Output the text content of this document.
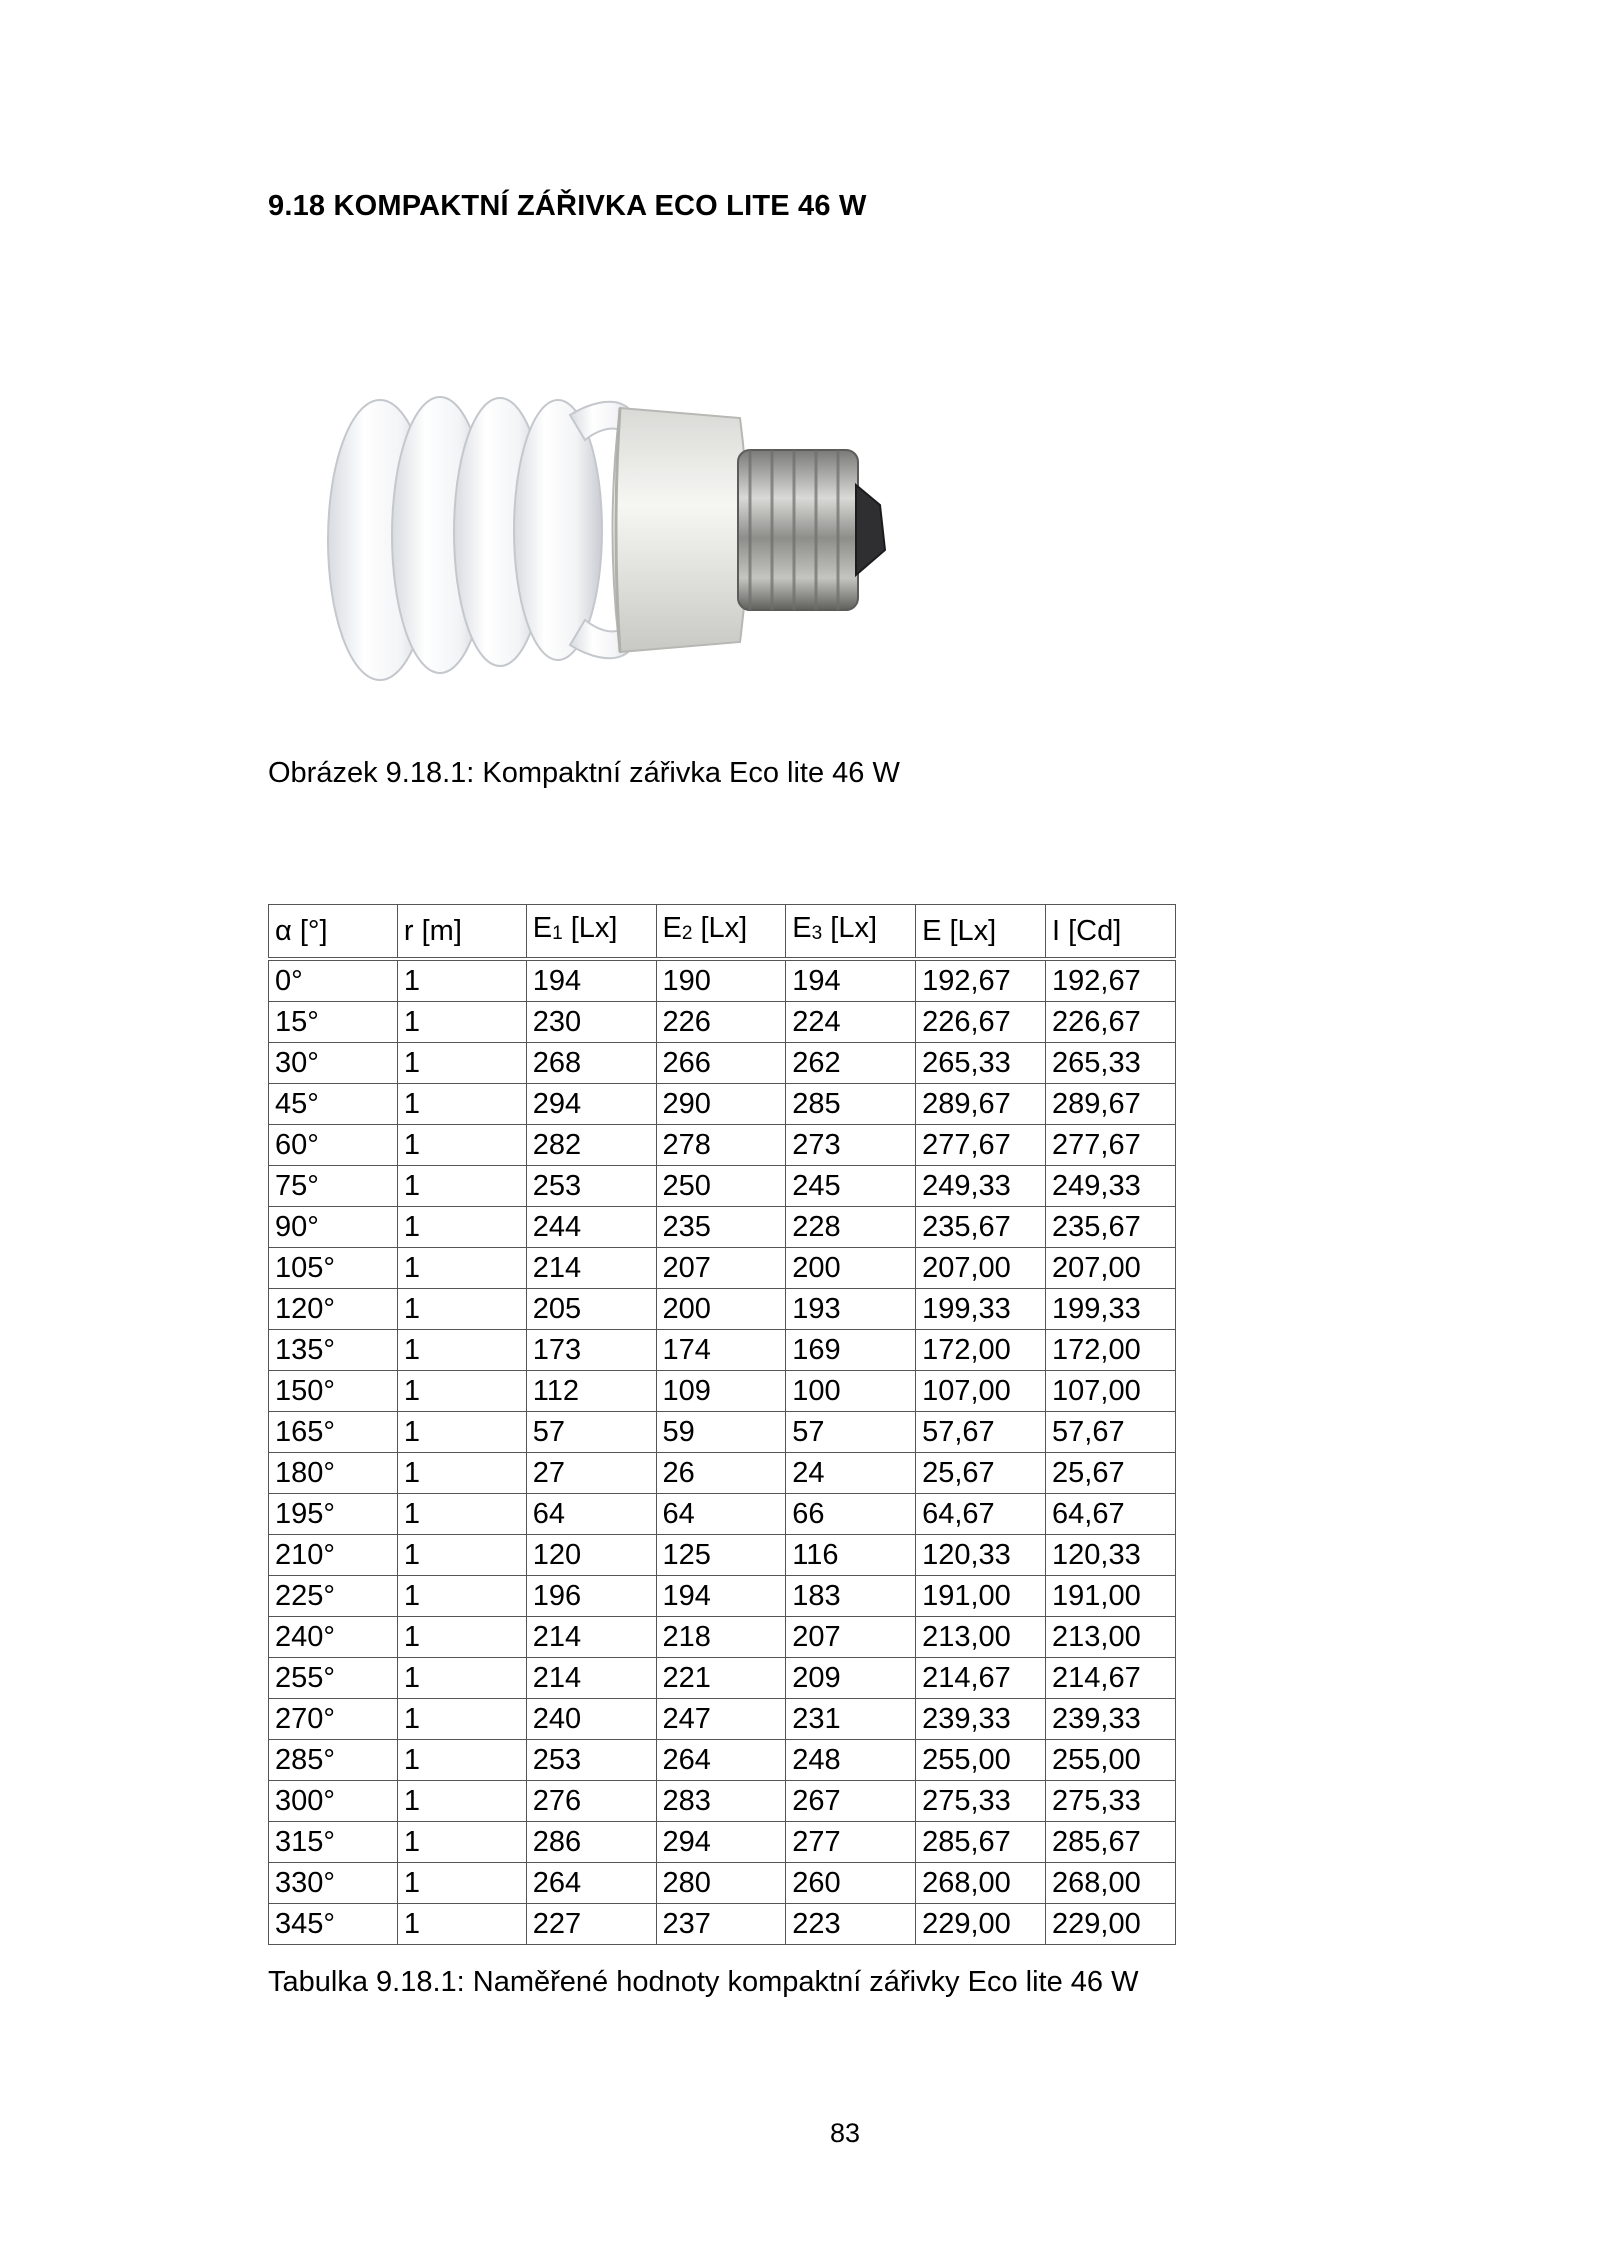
9.18 KOMPAKTNÍ ZÁŘIVKA ECO LITE 46 W
Obrázek 9.18.1: Kompaktní zářivka Eco lite 46 W
α [°]	r [m]	$E_1$ [Lx]	$E_2$ [Lx]	$E_3$ [Lx]	E [Lx]	I [Cd]
0°	1	194	190	194	192,67	192,67
15°	1	230	226	224	226,67	226,67
30°	1	268	266	262	265,33	265,33
45°	1	294	290	285	289,67	289,67
60°	1	282	278	273	277,67	277,67
75°	1	253	250	245	249,33	249,33
90°	1	244	235	228	235,67	235,67
105°	1	214	207	200	207,00	207,00
120°	1	205	200	193	199,33	199,33
135°	1	173	174	169	172,00	172,00
150°	1	112	109	100	107,00	107,00
165°	1	57	59	57	57,67	57,67
180°	1	27	26	24	25,67	25,67
195°	1	64	64	66	64,67	64,67
210°	1	120	125	116	120,33	120,33
225°	1	196	194	183	191,00	191,00
240°	1	214	218	207	213,00	213,00
255°	1	214	221	209	214,67	214,67
270°	1	240	247	231	239,33	239,33
285°	1	253	264	248	255,00	255,00
300°	1	276	283	267	275,33	275,33
315°	1	286	294	277	285,67	285,67
330°	1	264	280	260	268,00	268,00
345°	1	227	237	223	229,00	229,00
Tabulka 9.18.1: Naměřené hodnoty kompaktní zářivky Eco lite 46 W
83
